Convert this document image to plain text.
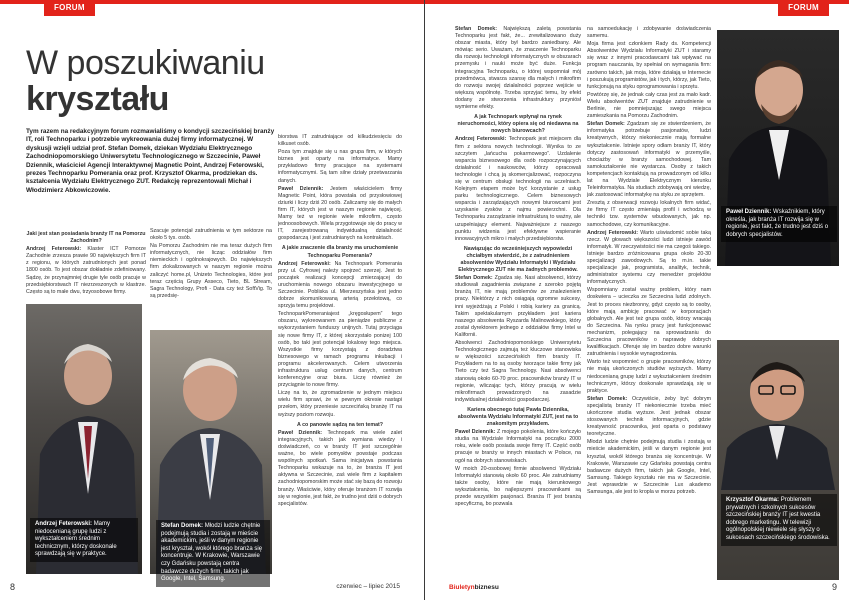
FORUM
W poszukiwaniu
kryształu
Tym razem na redakcyjnym forum rozmawialiśmy o kondycji szczecińskiej branży IT, roli Technoparku i potrzebie wykreowania dużej firmy informatycznej. W dyskusji wzięli udział prof. Stefan Domek, dziekan Wydziału Elektrycznego Zachodniopomorskiego Uniwersytetu Technologicznego w Szczecinie, Paweł Dziennik, właściciel Agencji Interaktywnej Magnetic Point, Andrzej Feterowski, prezes Technoparku Pomerania oraz prof. Krzysztof Okarma, prodziekan ds. kształcenia Wydziału Elektrycznego ZUT. Redakcję reprezentowali Michał i Włodzimierz Abkowiczowie.

Jaki jest stan posiadania branży IT na Pomorzu Zachodnim?

Andrzej Feterowski: Klaster ICT Pomorze Zachodnie zrzesza prawie 90 największych firm IT z regionu, w których zatrudnionych jest ponad 1800 osób. To jest obszar dokładnie zdefiniowany. Sądzę, że przynajmniej drugie tyle osób pracuje w przedsiębiorstwach IT niezrzeszonych w klastrze. Często są to małe dwu, trzyosobowe firmy.

Szacuje potencjał zatrudnienia w tym sektorze na około 5 tys. osób.

Na Pomorzu Zachodnim nie ma teraz dużych firm informatycznych, nie licząc oddziałów firm niemieckich i ogólnokrajowych. Do największych firm zlokalizowanych w naszym regionie można zaliczyć home.pl, Unizeto Technologies, które jest teraz częścią Grupy Asseco, Tieto, BL Stream, Sagra Technology, Profi - Data czy też SoftVig. To są przedsię-

biorstwa IT zatrudniające od kilkudziesięciu do kilkuset osób.

Poza tym znajduje się u nas grupa firm, w których biznes jest oparty na informatyce. Mamy przykładowo firmy pracujące na systemami informatycznymi. Są tam silne działy przetwarzania danych.

Paweł Dziennik: Jestem właścicielem firmy Magnetic Point, która powstała od przysłowiowej dziurki i liczy dziś 20 osób. Zaliczamy się do małych firm IT, których jest w naszym regionie najwięcej. Mamy też w regionie wiele mikrofirm, często jednoosobowych. Wiela przygotowuje się do pracy w IT, zarejestrowaną indywidualną działalność gospodarczą i jest zatrudnianych na kontraktach.

A jakie znaczenie dla branży ma uruchomienie Technoparku Pomerania?

Andrzej Feterowski: Na Technopark Pomerania przy ul. Cyfrowej należy spojrzeć szerzej. Jest to początek realizacji koncepcji zmierzającej do uruchomienia nowego obszaru inwestycyjnego w Szczecinie. Pobliska ul. Mierzeszyńska jest jedno dobrze skomunikowaną arterią przełotową, co sprzyja temu projektowi.

TechnoparkPomeraniajest „kręgosłupem” tego obszaru, wykreowanem za pieniądze publiczne z wykorzystaniem funduszy unijnych. Tutaj przyciąga się nowe firmy IT, z której skorzystało ponizej 100 osób, bo taki jest potencjał lokalowy tego miejsca. Wszystkie firmy korzystają z doradztwa biznesowego w ramach programu inkubacji i programu akcelerowanych. Celem utworzenia infrastruktura usług centrum danych, centrum konferencyjne oraz biura. Liczę również że przyciągnie to nowe firmy.

Liczę na to, że zgromadzenie w jednym miejscu wielu firm sprawi, że w pewnym okresie nastąpi przełom, który przeniesie szczecińską branżę IT na wyższy poziom rozwoju.

A co panowie sądzą na ten temat?

Paweł Dziennik: Technopark ma wiele zalet integracyjnych, takich jak wymiana wiedzy i doświadczeń, co w branży IT jest szczególnie ważne, bo wiele pomysłów powstaje podczas wspólnych spotkań. Sama inicjatywa powstania Technoparku wskazuje na to, że branża IT jest aktywna w Szczecinie, zaś wiele firm z kapitałem zachodniopomorskim może stać się bazą do rozwoju branży. Właściwie, który oferuje branżom IT rozwija się w regionie, jest fakt, że trudno jest dziś o dobrych specjalistów.

Andrzej Feterowski: Mamy niedocenianą grupę ludzi z wykształceniem średnim technicznym, którzy doskonale sprawdzają się w praktyce.
Stefan Domek: Młodzi ludzie chętnie podejmują studia i zostają w mieście akademickim, jeśli w danym regionie jest kryształ, wokół którego branża się koncentruje. W Krakowie, Warszawie czy Gdańsku powstają centra badawcze dużych firm, takich jak Google, Intel, Samsung.
8	czerwiec – lipiec 2015
FORUM

Stefan Domek: Największą zaletą powstania Technoparku jest fakt, że... zrewitalizowano duży obszar miasta, który był bardzo zaniedbany. Ale mówiąc serio. Uważam, że znaczenie Technoparku dla rozwoju technologii informatycznych w obszarach przemysłu i nauki może być duże. Funkcja integracyjna Technoparku, o której wspomniał mój przedmówca, stwarza szansę dla małych i mikrofirm do rozwoju swojej działalności poprzez wejście w większą wspólnotę. Trzeba sprzyjać temu, by efekt dodany ze stworzenia infrastruktury przyniósł wymierne efekty.

A jak Technopark wpłynął na rynek nieruchomości, który opiera się od niedawna na nowych biurowcach?

Andrzej Feterowski: Technopark jest miejscem dla firm z sektora nowych technologii. Wynika to ze szczytem „lańcucha pokarmowego”. Uzdalenie wsparcia biznesowego dla osób rozpoczynających działalność i naukowców, którzy opracowali technologie i chcą ją skomercjalizować, rozpoczyna się w centrum obsługi technologii na uczelniach. Kolejnym etapem może być korzystanie z usług parku technologicznego. Celem biznesowych wsparcia i zarządzających nowymi biurowcami jest uzyskanie zysków z najmu powierzchni. Dla Technoparku zarządzanie infrastrukturą to ważny, ale uzupełniający element. Najważniejsze z naszego punktu widzenia jest efektywne wspieranie innowacyjnych mikro i małych przedsiębiorstw.

Nawiązując do wcześniejszych wypowiedzi chciałbym stwierdzić, że z zatrudnieniem absolwentów Wydziału Informatyki i Wydziału Elektrycznego ZUT nie ma żadnych problemów.

Stefan Domek: Zgadza się. Nasi absolwenci, którzy studiowali zagadnienia związane z szeroko pojętą branżą IT, nie mają problemów ze znalezieniem pracy. Niektórzy z nich osiągają ogromne sukcesy, inni wyjeżdżają z Polski i robią kariery za granicą. Takim spektakularnym przykładem jest kariera naszego absolwenta Ryszarda Malinowskiego, który został dyrektorem jednego z oddziałów firmy Intel w Kalifornii.

Absolwenci Zachodniopomorskiego Uniwersytetu Technologicznego zajmują też kluczowe stanowiska w większości szczecińskich firm branży IT. Przykładem na to są osoby tworzące takie firmy jak Tieto czy też Sagra Technology. Nasi absolwenci stanowią około 60-70 proc. pracowników branży IT w regionie, wliczając tych, którzy pracują w wielu mikrofirmach prowadzonych na zasadzie indywidualnej działalności gospodarczej.

Kariera obecnego tutaj Pawła Dziennika, absolwenta Wydziału Informatyki ZUT, jest na to znakomitym przykładem.

Paweł Dziennik: Z mojego pokolenia, które kończyło studia na Wydziale Informatyki na początku 2000 roku, wiele osób posiada swoje firmy IT. Część osób pracuje w branży w innych miastach w Polsce, na ogół na dobrych stanowiskach.

W moich 20-osobowej firmie absolwenci Wydziału Informatyki stanowią około 60 proc. Ale zatrudniamy także osoby, które nie mają kierunkowego wykształcenia, bo najlepszymi pracownikami są przede wszystkim pasjonaci. Branża IT jest branżą specyficzną, bo pozwala

na samoedukację i zdobywanie doświadczenia samemu.

Moja firma jest członkiem Rady ds. Kompetencji Absolwentów Wydziału Informatyki ZUT i staramy się wraz z innymi pracodawcami tak wpływać na program nauczania, by spełniał on wymagania firm: zarówno takich, jak moja, które działają w Internecie i poszukują programistów, jak i tych, którzy, jak Tieto, funkcjonują na styku oprogramowania i sprzętu.

Powtórzę się, że jednak cały czas jest za mało kadr. Wielu absolwentów ZUT znajduje zatrudnienie w Berlinie, nie pomniejszając swego miejsca zamieszkania na Pomorzu Zachodnim.

Stefan Domek: Zgadzam się ze stwierdzeniem, że informatyka potrzebuje pasjonatów, ludzi kreatywnych, którzy niekoniecznie mają formalne wykształcenie. Istnieje spory odłam branży IT, który dotyczy zastosowań informatyki w przemyśle, chociażby w branży samochodowej. Tam samokształcenie nie wystarcza. Osoby z takich kompetencjach kontaktują na prowadzonym od kilku lat na Wydziale Elektrycznym kierunku Teleinformatyka. Na studiach zdobywają oni wiedzę, jak zastosować informatykę na styku ze sprzętem.

Zresztą z obserwacji rozwoju lokalnych firm widać, że firmy IT często zmieniają profil i wchodzą w techniki tzw. systemów wbudowanych, jak np. samochodowe, czy komunikacyjne.

Andrzej Feterowski: Warto uświadomić sobie taką rzecz. W głowach większości ludzi istnieje zawód informatyk. W rzeczywistości nie ma czegoś takiego. Istnieje bardzo zróżnicowana grupa około 20-30 specjalizacji zawodowych. Są to m.in. takie specjalizacje jak, programista, analityk, technik, administrator systemu czy menedżer projektów informatycznych.

Wspomniany został ważny problem, który nam doskwiera – ucieczka ze Szczecina ludzi zdolnych. Jest to proces niezbronny, gdyż często są to osoby, które mają ambicję pracować w korporacjach globalnych. Ale jest też grupa osób, którzy wracają do Szczecina. Na rynku pracy jest funkcjonować mechanizm, polegający na sprowadzaniu do Szczecina pracowników o naprawdę dobrych kwalifikacjach. Oferuje się im bardzo dobre warunki zatrudnienia i wysokie wynagrodzenia.

Warto też wspomnieć o grupie pracowników, którzy nie mają ukończonych studiów wyższych. Mamy niedocenianą grupę ludzi z wykształceniem średnim technicznym, którzy doskonale sprawdzają się w praktyce.

Stefan Domek: Oczywiście, żeby być dobrym specjalistą branży IT niekoniecznie trzeba mieć ukończone studia wyższe. Jest jednak obszar stosowanych technik informacyjnych, gdzie kreatywność pracownika, jest oparta o podstawy teoretyczne.

Młodzi ludzie chętnie podejmują studia i zostają w mieście akademickim, jeśli w danym regionie jest kryształ, wokół którego branża się koncentruje. W Krakowie, Warszawie czy Gdańsku powstają centra badawcze dużych firm, takich jak Google, Intel, Samsung. Takiego kryształu nie ma w Szczecinie. Jest wprawdzie w Szczecinie Lux akademo Samsunga, ale jest to kropla w morzu potrzeb.

Paweł Dziennik: Wskaźnikiem, który określa, jak branża IT rozwija się w regionie, jest fakt, że trudno jest dziś o dobrych specjalistów.
Krzysztof Okarma: Problemem prywatnych i szkolnych sukcesów szczecińskiej branży IT jest kwestia dobrego marketingu. W telewizji ogólnopolskiej niewiele się słyszy o sukcesach szczecińskiego środowiska.
Biuletynbiznesu	9
